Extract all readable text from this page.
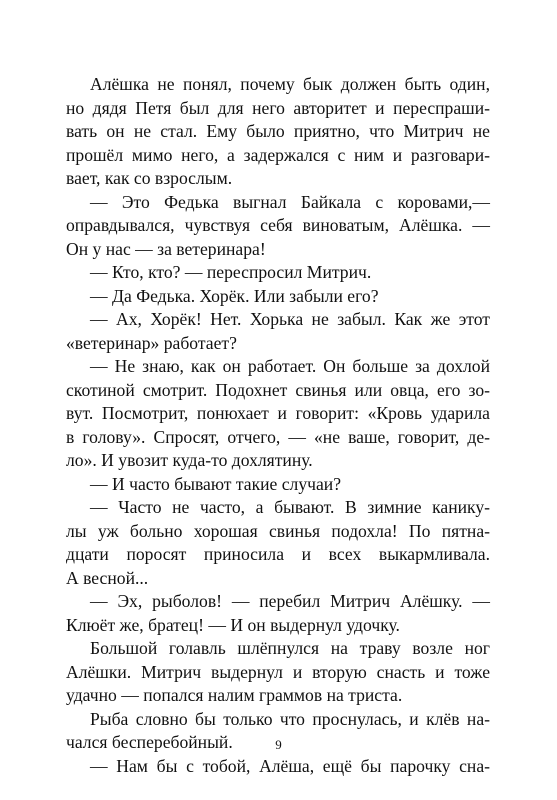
Алёшка не понял, почему бык должен быть один,
но дядя Петя был для него авторитет и переспраши-
вать он не стал. Ему было приятно, что Митрич не
прошёл мимо него, а задержался с ним и разговари-
вает, как со взрослым.
— Это Федька выгнал Байкала с коровами,—
оправдывался, чувствуя себя виноватым, Алёшка. —
Он у нас — за ветеринара!
— Кто, кто? — переспросил Митрич.
— Да Федька. Хорёк. Или забыли его?
— Ах, Хорёк! Нет. Хорька не забыл. Как же этот
«ветеринар» работает?
— Не знаю, как он работает. Он больше за дохлой
скотиной смотрит. Подохнет свинья или овца, его зо-
вут. Посмотрит, понюхает и говорит: «Кровь ударила
в голову». Спросят, отчего, — «не ваше, говорит, де-
ло». И увозит куда-то дохлятину.
— И часто бывают такие случаи?
— Часто не часто, а бывают. В зимние канику-
лы уж больно хорошая свинья подохла! По пятна-
дцати поросят приносила и всех выкармливала.
А весной...
— Эх, рыболов! — перебил Митрич Алёшку. —
Клюёт же, братец! — И он выдернул удочку.
Большой голавль шлёпнулся на траву возле ног
Алёшки. Митрич выдернул и вторую снасть и тоже
удачно — попался налим граммов на триста.
Рыба словно бы только что проснулась, и клёв на-
чался бесперебойный.
— Нам бы с тобой, Алёша, ещё бы парочку сна-
9
